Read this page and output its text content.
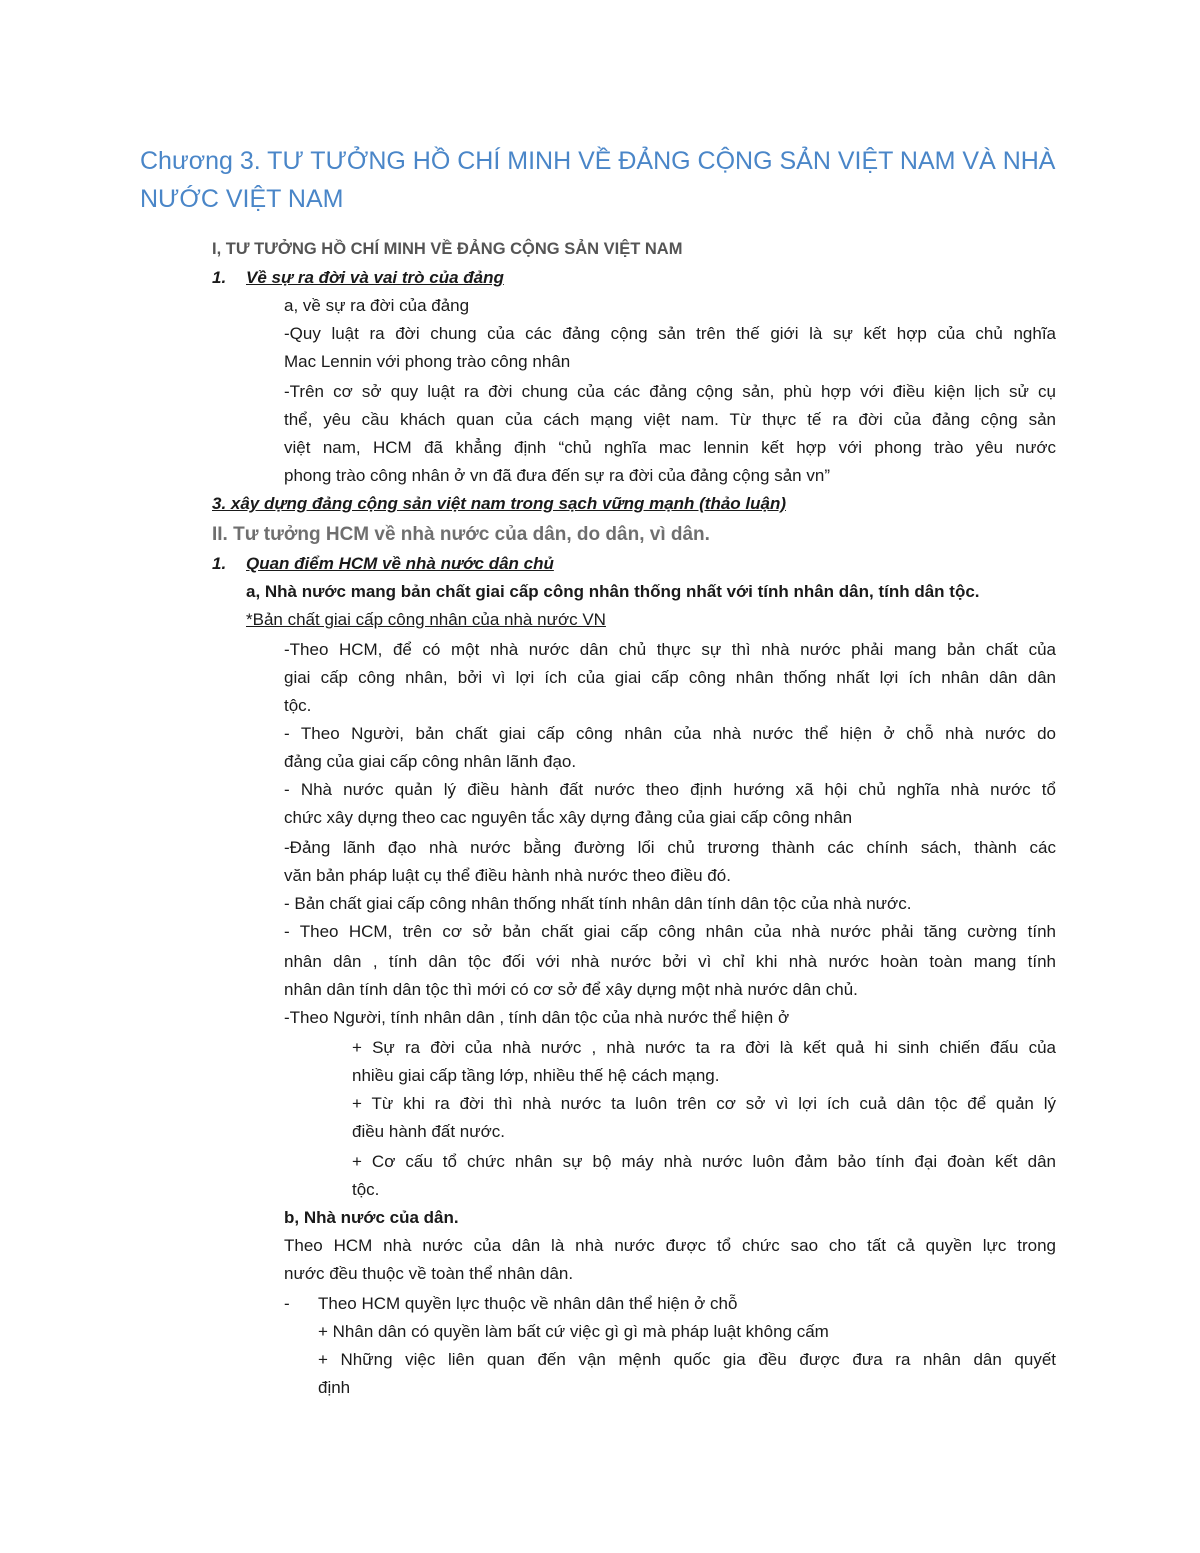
Chương 3. TƯ TƯỞNG HỒ CHÍ MINH VỀ ĐẢNG CỘNG SẢN VIỆT NAM VÀ NHÀ NƯỚC VIỆT NAM
I, TƯ TƯỞNG HỒ CHÍ MINH VỀ ĐẢNG CỘNG SẢN VIỆT NAM
1. Về sự ra đời và vai trò của đảng
a, về sự ra đời của đảng
-Quy luật ra đời chung của các đảng cộng sản trên thế giới là sự kết hợp của chủ nghĩa
Mac Lennin với phong trào công nhân
-Trên cơ sở quy luật ra đời chung của các đảng cộng sản, phù hợp với điều kiện lịch sử cụ
thể, yêu cầu khách quan của cách mạng việt nam. Từ thực tế ra đời của đảng cộng sản
việt nam, HCM đã khẳng định “chủ nghĩa mac lennin kết hợp với phong trào yêu nước
phong trào công nhân ở vn đã đưa đến sự ra đời của đảng cộng sản vn”
3. xây dựng đảng cộng sản việt nam trong sạch vững mạnh (thảo luận)
II. Tư tưởng HCM về nhà nước của dân, do dân, vì dân.
1. Quan điểm HCM về nhà nước dân chủ
a, Nhà nước mang bản chất giai cấp công nhân thống nhất với tính nhân dân, tính dân tộc.
*Bản chất giai cấp công nhân của nhà nước VN
-Theo HCM, để có một nhà nước dân chủ thực sự thì nhà nước phải mang bản chất của
giai cấp công nhân, bởi vì lợi ích của giai cấp công nhân thống nhất lợi ích nhân dân dân
tộc.
- Theo Người, bản chất giai cấp công nhân của nhà nước thể hiện ở chỗ nhà nước do
đảng của giai cấp công nhân lãnh đạo.
- Nhà nước quản lý điều hành đất nước theo định hướng xã hội chủ nghĩa nhà nước tổ
chức xây dựng theo cac nguyên tắc xây dựng đảng của giai cấp công nhân
-Đảng lãnh đạo nhà nước bằng đường lối chủ trương thành các chính sách, thành các
văn bản pháp luật cụ thể điều hành nhà nước theo điều đó.
- Bản chất giai cấp công nhân thống nhất tính nhân dân tính dân tộc của nhà nước.
- Theo HCM, trên cơ sở bản chất giai cấp công nhân của nhà nước phải tăng cường tính
nhân dân , tính dân tộc đối với nhà nước bởi vì chỉ khi nhà nước hoàn toàn mang tính
nhân dân tính dân tộc thì mới có cơ sở để xây dựng một nhà nước dân chủ.
-Theo Người, tính nhân dân , tính dân tộc của nhà nước thể hiện ở
+ Sự ra đời của nhà nước , nhà nước ta ra đời là kết quả hi sinh chiến đấu của
nhiều giai cấp tầng lớp, nhiều thế hệ cách mạng.
+ Từ khi ra đời thì nhà nước ta luôn trên cơ sở vì lợi ích cuả dân tộc để quản lý
điều hành đất nước.
+ Cơ cấu tổ chức nhân sự bộ máy nhà nước luôn đảm bảo tính đại đoàn kết dân
tộc.
b, Nhà nước của dân.
Theo HCM nhà nước của dân là nhà nước được tổ chức sao cho tất cả quyền lực trong
nước đều thuộc về toàn thể nhân dân.
- Theo HCM quyền lực thuộc về nhân dân thể hiện ở chỗ
+ Nhân dân có quyền làm bất cứ việc gì gì mà pháp luật không cấm
+ Những việc liên quan đến vận mệnh quốc gia đều được đưa ra nhân dân quyết
định
